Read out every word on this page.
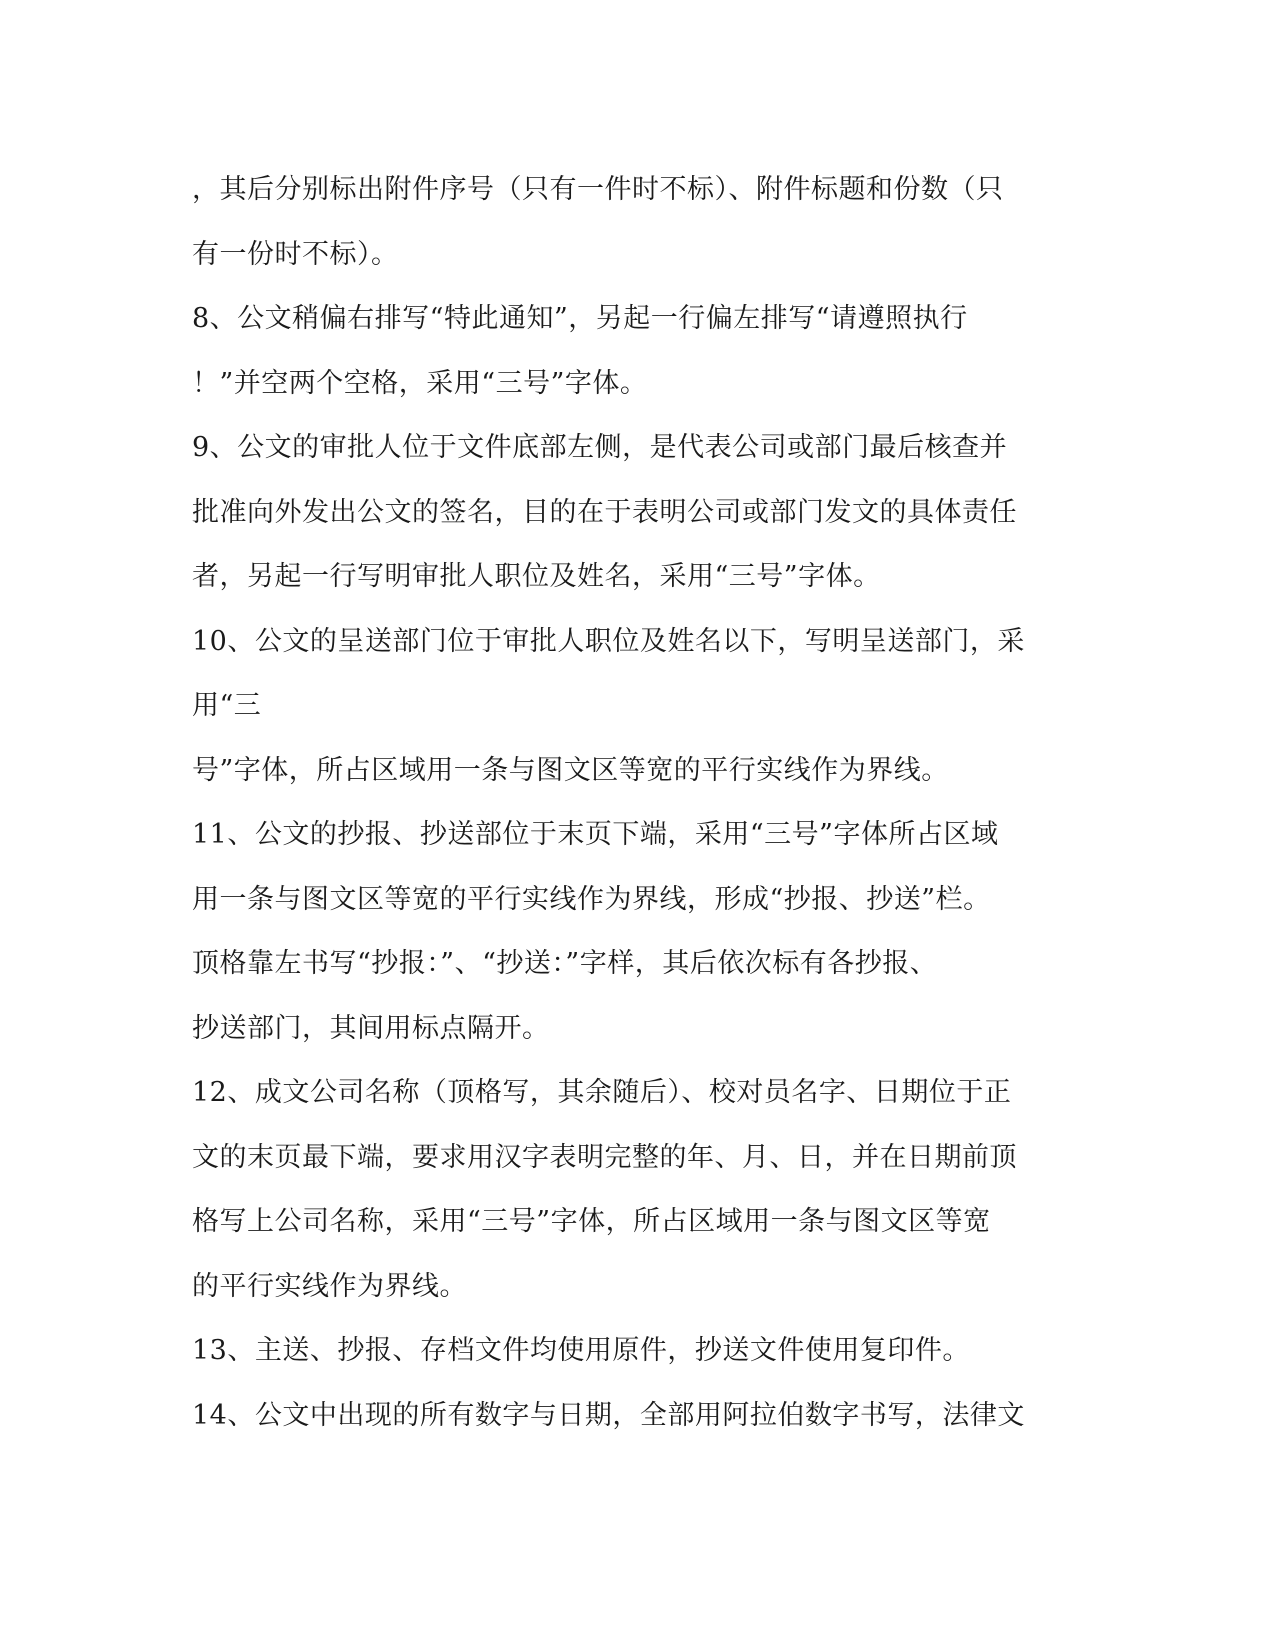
，其后分别标出附件序号（只有一件时不标）、附件标题和份数（只
有一份时不标）。
8、公文稍偏右排写“特此通知”，另起一行偏左排写“请遵照执行
！”并空两个空格，采用“三号”字体。
9、公文的审批人位于文件底部左侧，是代表公司或部门最后核查并
批准向外发出公文的签名，目的在于表明公司或部门发文的具体责任
者，另起一行写明审批人职位及姓名，采用“三号”字体。
10、公文的呈送部门位于审批人职位及姓名以下，写明呈送部门，采
用“三
号”字体，所占区域用一条与图文区等宽的平行实线作为界线。
11、公文的抄报、抄送部位于末页下端，采用“三号”字体所占区域
用一条与图文区等宽的平行实线作为界线，形成“抄报、抄送”栏。
顶格靠左书写“抄报：”、“抄送：”字样，其后依次标有各抄报、
抄送部门，其间用标点隔开。
12、成文公司名称（顶格写，其余随后）、校对员名字、日期位于正
文的末页最下端，要求用汉字表明完整的年、月、日，并在日期前顶
格写上公司名称，采用“三号”字体，所占区域用一条与图文区等宽
的平行实线作为界线。
13、主送、抄报、存档文件均使用原件，抄送文件使用复印件。
14、公文中出现的所有数字与日期，全部用阿拉伯数字书写，法律文
